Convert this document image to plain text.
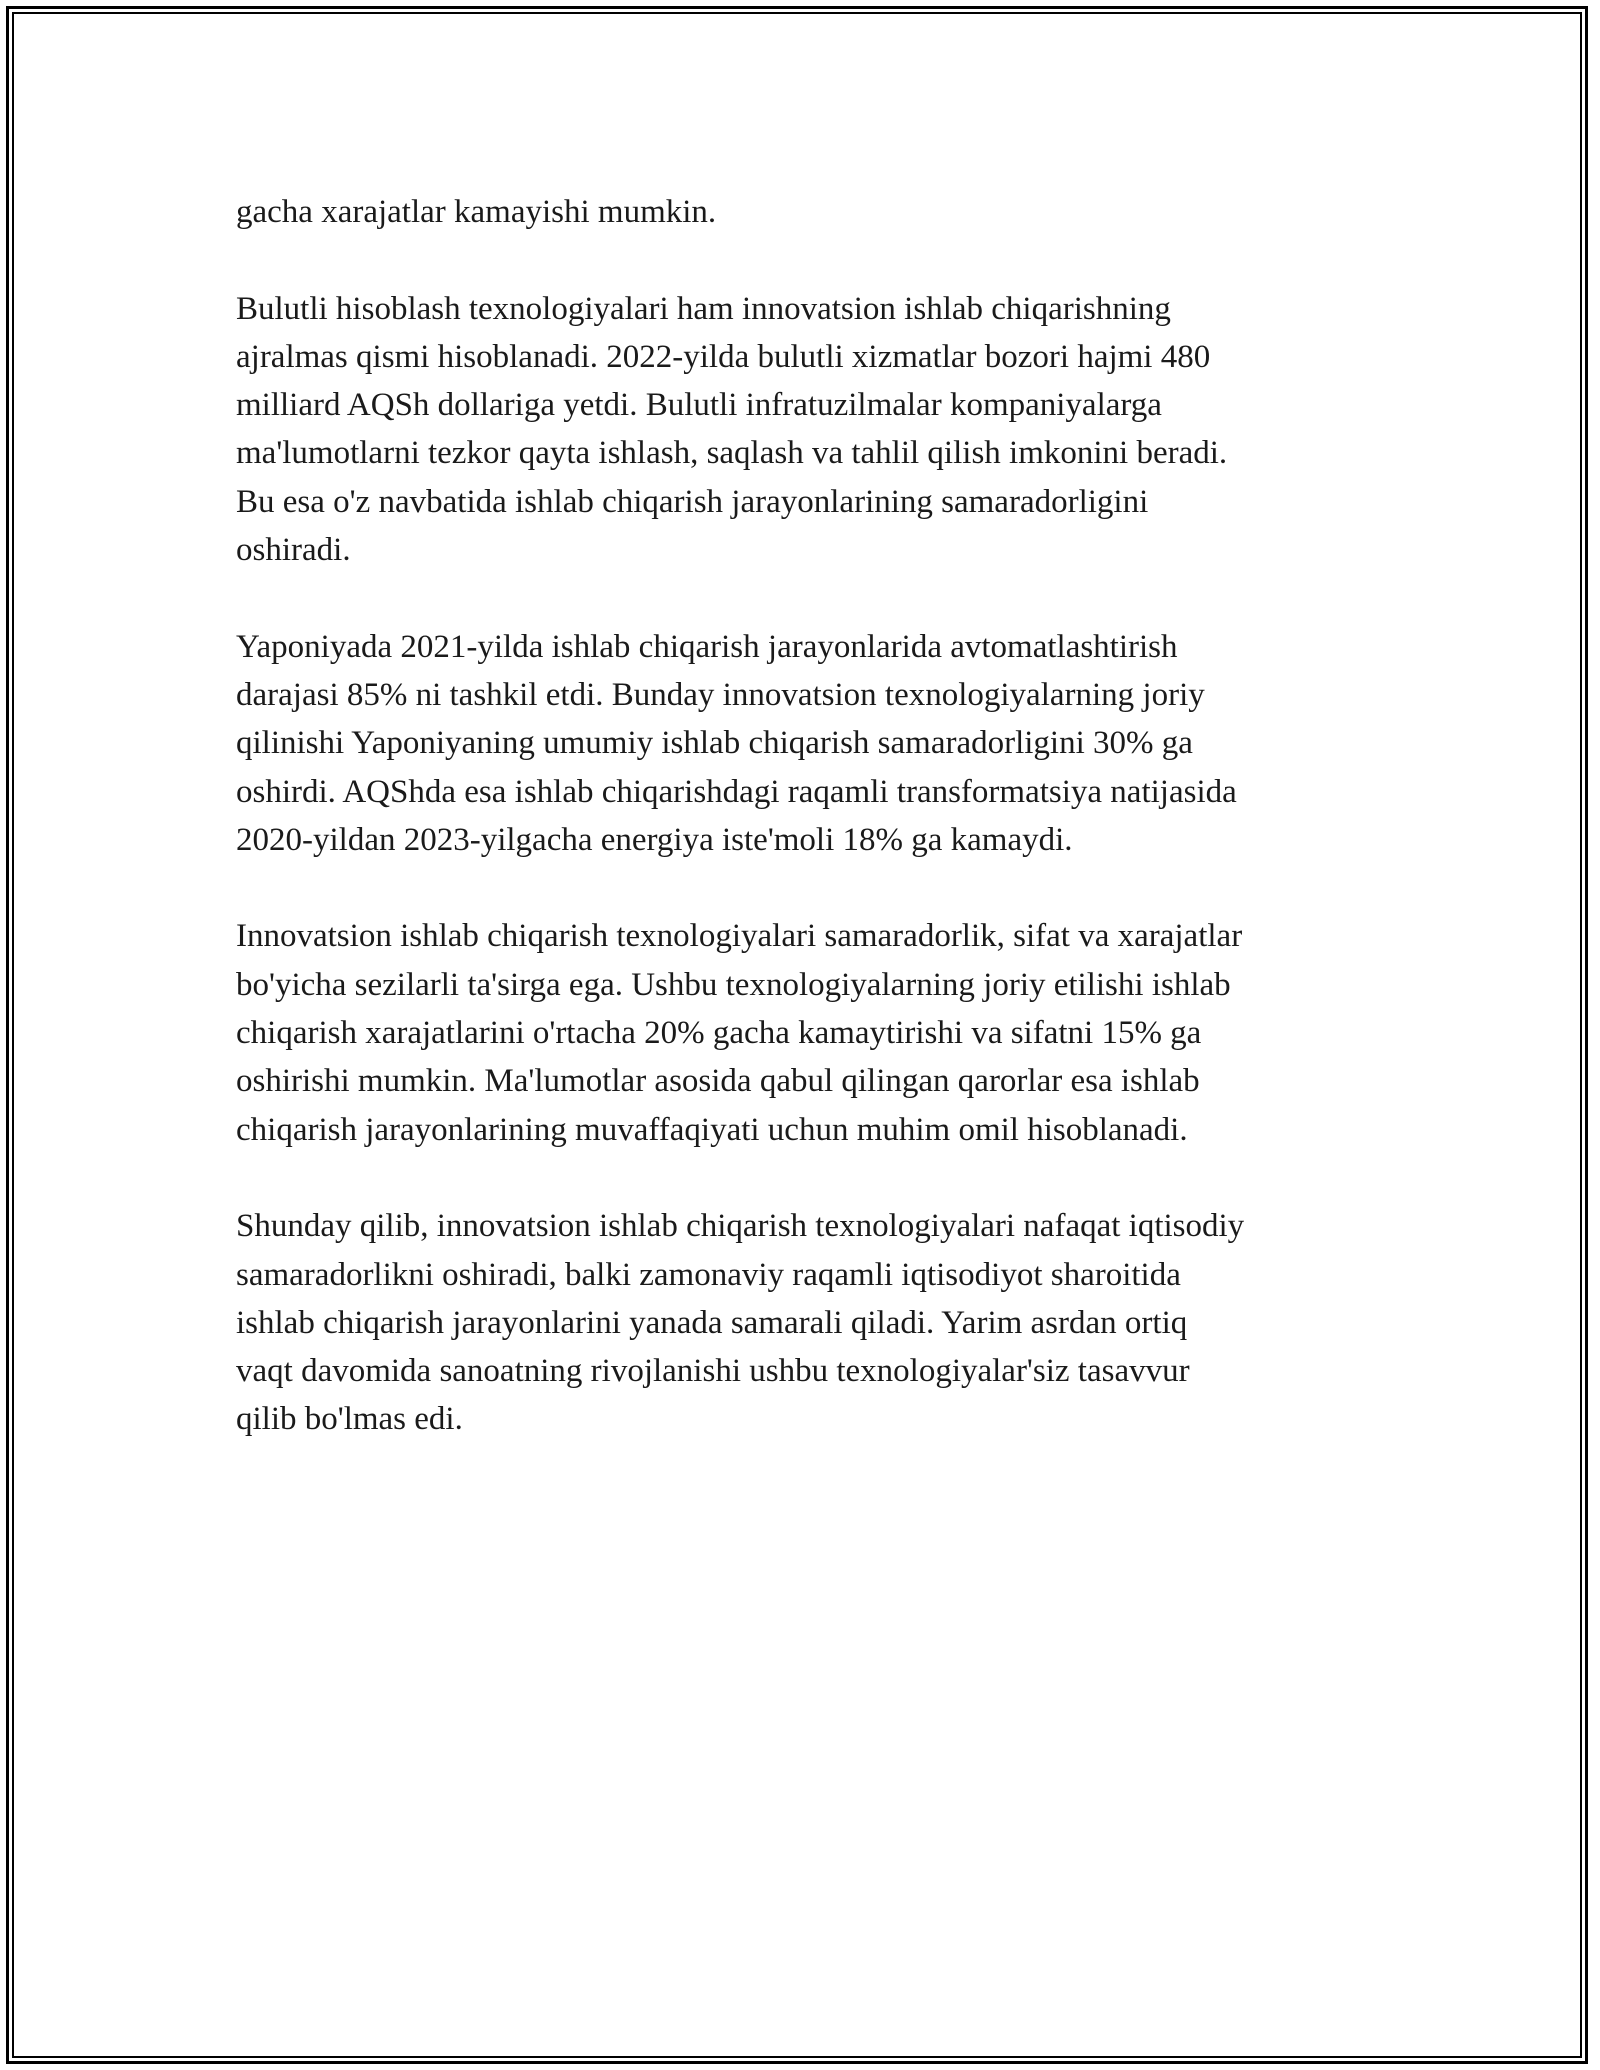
gacha xarajatlar kamayishi mumkin.

Bulutli hisoblash texnologiyalari ham innovatsion ishlab chiqarishning
ajralmas qismi hisoblanadi. 2022-yilda bulutli xizmatlar bozori hajmi 480
milliard AQSh dollariga yetdi. Bulutli infratuzilmalar kompaniyalarga
ma'lumotlarni tezkor qayta ishlash, saqlash va tahlil qilish imkonini beradi.
Bu esa o'z navbatida ishlab chiqarish jarayonlarining samaradorligini
oshiradi.

Yaponiyada 2021-yilda ishlab chiqarish jarayonlarida avtomatlashtirish
darajasi 85% ni tashkil etdi. Bunday innovatsion texnologiyalarning joriy
qilinishi Yaponiyaning umumiy ishlab chiqarish samaradorligini 30% ga
oshirdi. AQShda esa ishlab chiqarishdagi raqamli transformatsiya natijasida
2020-yildan 2023-yilgacha energiya iste'moli 18% ga kamaydi.

Innovatsion ishlab chiqarish texnologiyalari samaradorlik, sifat va xarajatlar
bo'yicha sezilarli ta'sirga ega. Ushbu texnologiyalarning joriy etilishi ishlab
chiqarish xarajatlarini o'rtacha 20% gacha kamaytirishi va sifatni 15% ga
oshirishi mumkin. Ma'lumotlar asosida qabul qilingan qarorlar esa ishlab
chiqarish jarayonlarining muvaffaqiyati uchun muhim omil hisoblanadi.

Shunday qilib, innovatsion ishlab chiqarish texnologiyalari nafaqat iqtisodiy
samaradorlikni oshiradi, balki zamonaviy raqamli iqtisodiyot sharoitida
ishlab chiqarish jarayonlarini yanada samarali qiladi. Yarim asrdan ortiq
vaqt davomida sanoatning rivojlanishi ushbu texnologiyalar'siz tasavvur
qilib bo'lmas edi.
